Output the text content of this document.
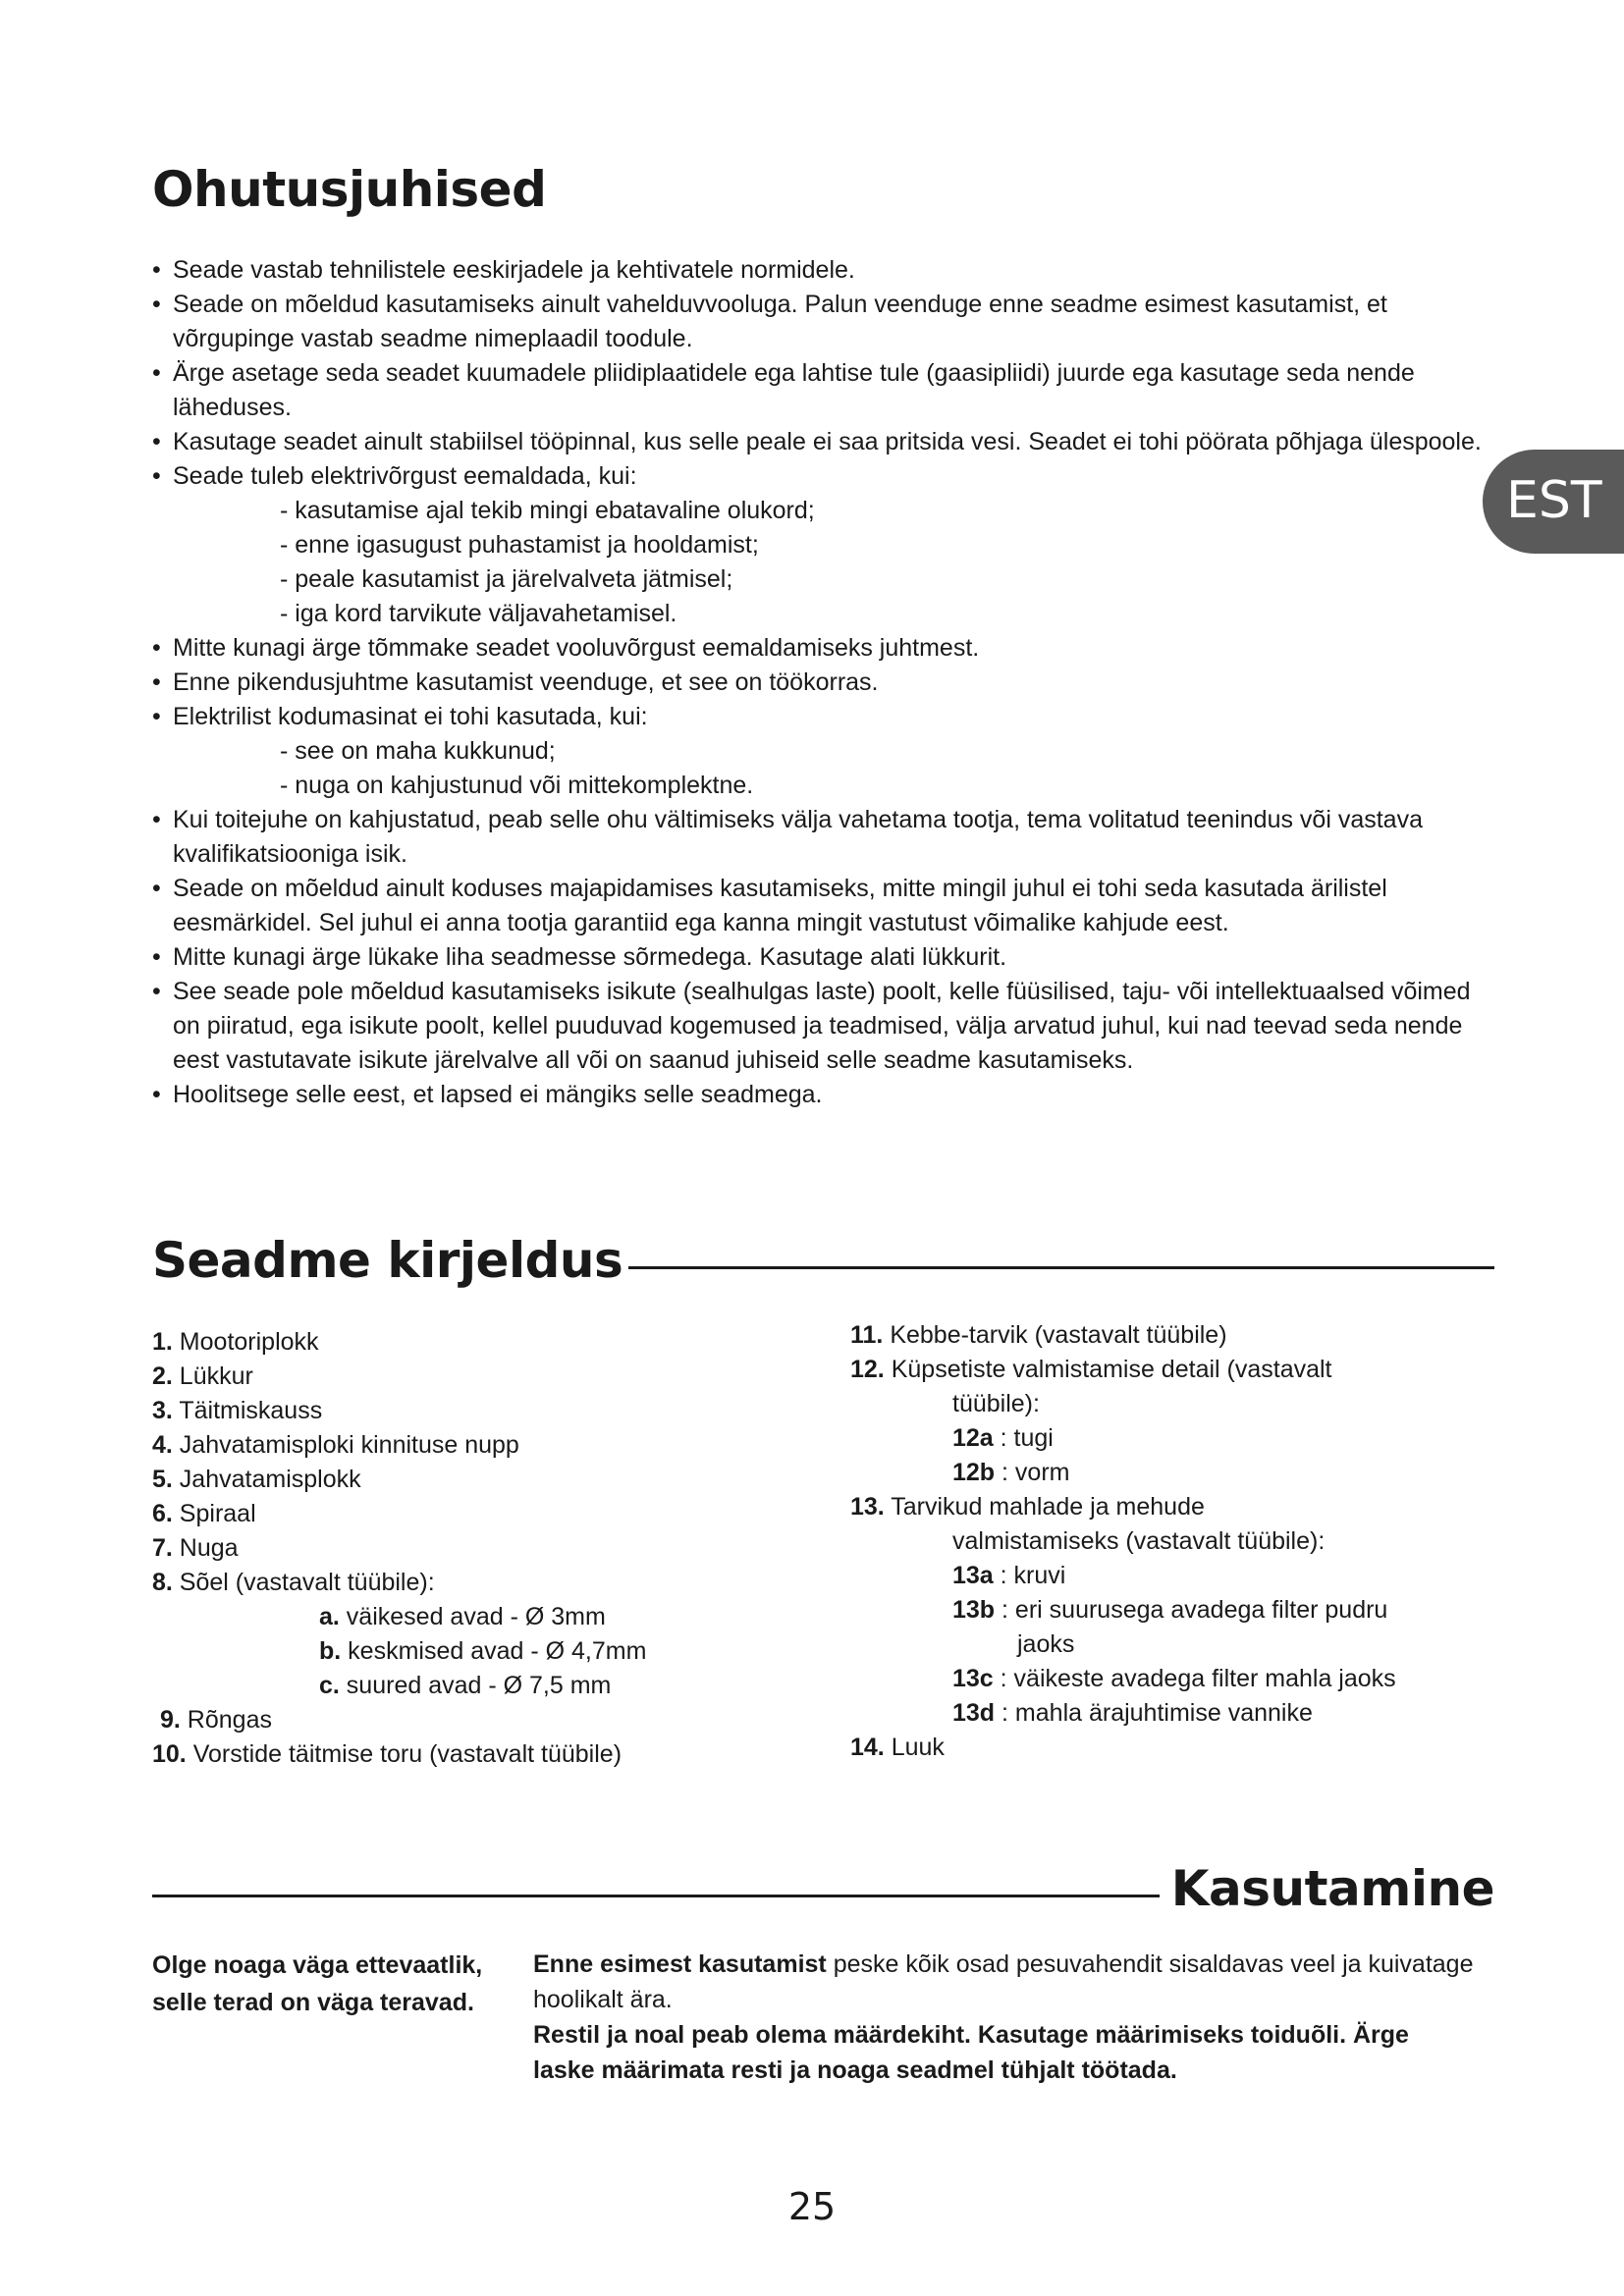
EST
Ohutusjuhised
• Seade vastab tehnilistele eeskirjadele ja kehtivatele normidele.
• Seade on mõeldud kasutamiseks ainult vahelduvvooluga. Palun veenduge enne seadme esimest kasutamist, et võrgupinge vastab seadme nimeplaadil toodule.
• Ärge asetage seda seadet kuumadele pliidiplaatidele ega lahtise tule (gaasipliidi) juurde ega kasutage seda nende läheduses.
• Kasutage seadet ainult stabiilsel tööpinnal, kus selle peale ei saa pritsida vesi. Seadet ei tohi pöörata põhjaga ülespoole.
• Seade tuleb elektrivõrgust eemaldada, kui:
- kasutamise ajal tekib mingi ebatavaline olukord;
- enne igasugust puhastamist ja hooldamist;
- peale kasutamist ja järelvalveta jätmisel;
- iga kord tarvikute väljavahetamisel.
• Mitte kunagi ärge tõmmake seadet vooluvõrgust eemaldamiseks juhtmest.
• Enne pikendusjuhtme kasutamist veenduge, et see on töökorras.
• Elektrilist kodumasinat ei tohi kasutada, kui:
- see on maha kukkunud;
- nuga on kahjustunud või mittekomplektne.
• Kui toitejuhe on kahjustatud, peab selle ohu vältimiseks välja vahetama tootja, tema volitatud teenindus või vastava kvalifikatsiooniga isik.
• Seade on mõeldud ainult koduses majapidamises kasutamiseks, mitte mingil juhul ei tohi seda kasutada ärilistel eesmärkidel. Sel juhul ei anna tootja garantiid ega kanna mingit vastutust võimalike kahjude eest.
• Mitte kunagi ärge lükake liha seadmesse sõrmedega. Kasutage alati lükkurit.
• See seade pole mõeldud kasutamiseks isikute (sealhulgas laste) poolt, kelle füüsilised, taju- või intellektuaalsed võimed on piiratud, ega isikute poolt, kellel puuduvad kogemused ja teadmised, välja arvatud juhul, kui nad teevad seda nende eest vastutavate isikute järelvalve all või on saanud juhiseid selle seadme kasutamiseks.
• Hoolitsege selle eest, et lapsed ei mängiks selle seadmega.
Seadme kirjeldus
1. Mootoriplokk
2. Lükkur
3. Täitmiskauss
4. Jahvatamisploki kinnituse nupp
5. Jahvatamisplokk
6. Spiraal
7. Nuga
8. Sõel (vastavalt tüübile):
a. väikesed avad - Ø 3mm
b. keskmised avad - Ø 4,7mm
c. suured avad - Ø 7,5 mm
9. Rõngas
10. Vorstide täitmise toru (vastavalt tüübile)
11. Kebbe-tarvik (vastavalt tüübile)
12. Küpsetiste valmistamise detail (vastavalt
tüübile):
12a : tugi
12b : vorm
13. Tarvikud mahlade ja mehude
valmistamiseks (vastavalt tüübile):
13a : kruvi
13b : eri suurusega avadega filter pudru
jaoks
13c : väikeste avadega filter mahla jaoks
13d : mahla ärajuhtimise vannike
14. Luuk
Kasutamine
Olge noaga väga ettevaatlik, selle terad on väga teravad.
Enne esimest kasutamist peske kõik osad pesuvahendit sisaldavas veel ja kuivatage hoolikalt ära.
Restil ja noal peab olema määrdekiht. Kasutage määrimiseks toiduõli. Ärge laske määrimata resti ja noaga seadmel tühjalt töötada.
25
